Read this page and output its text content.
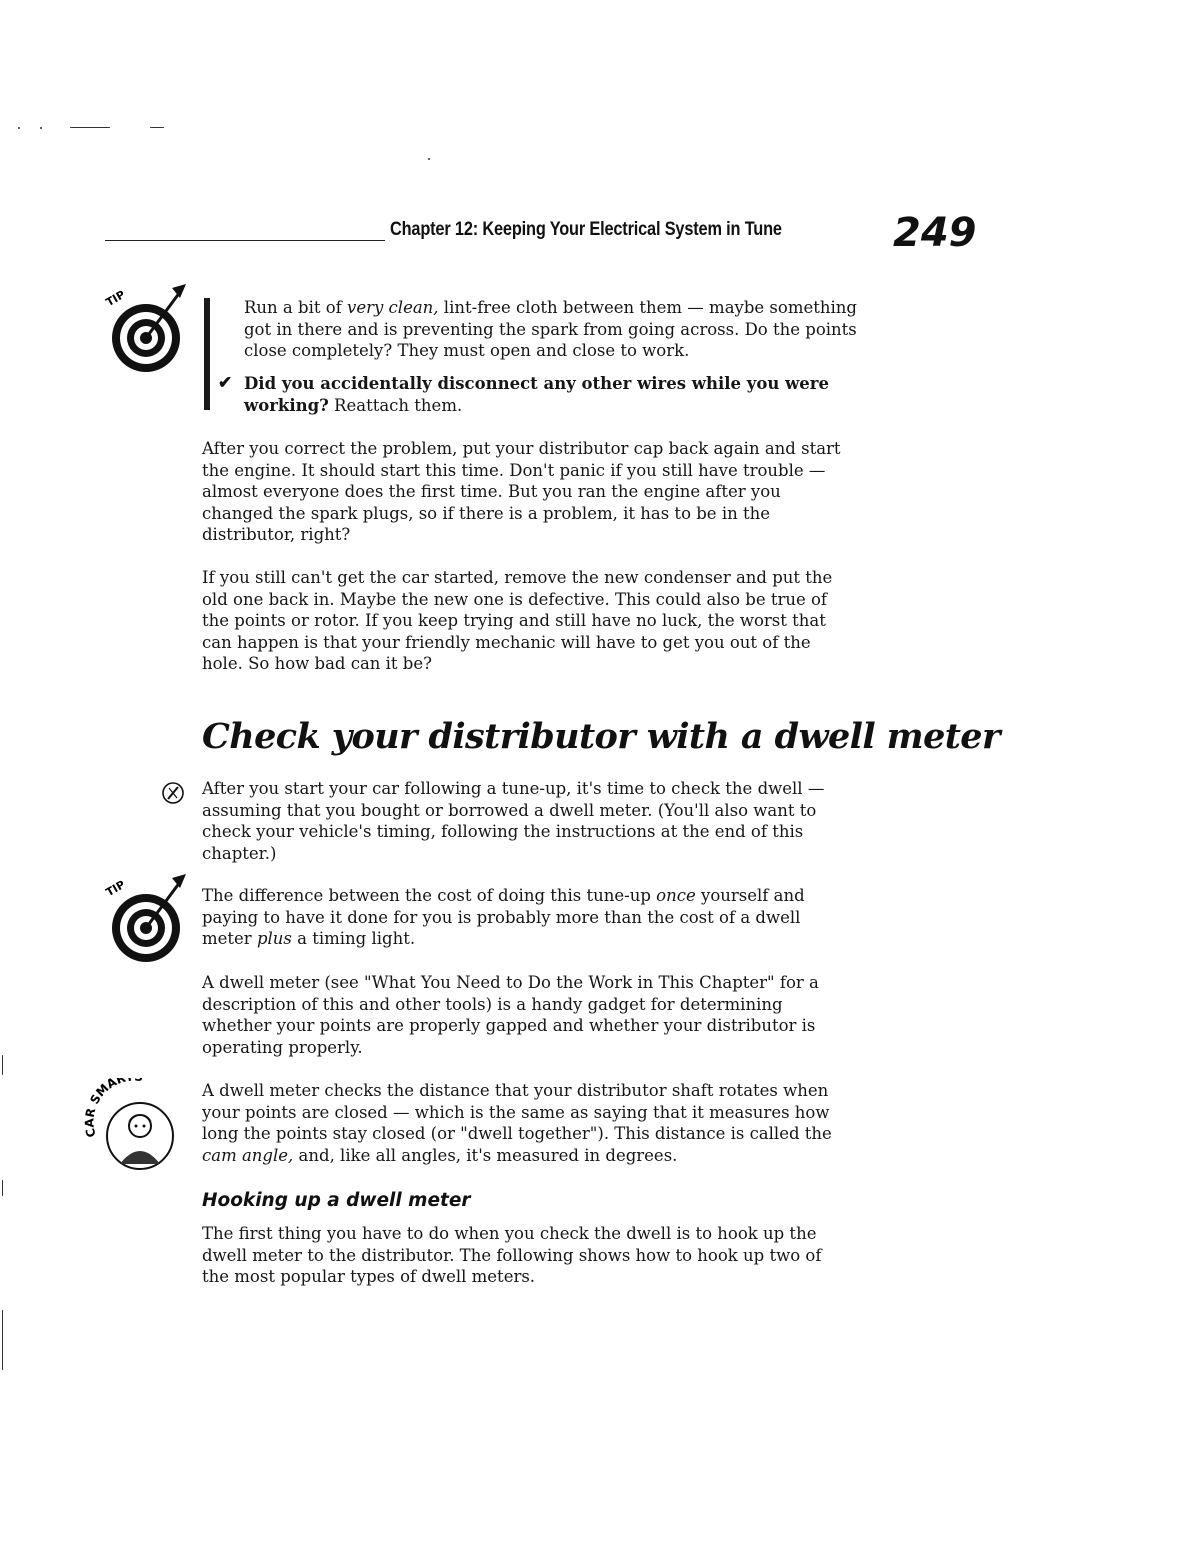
Chapter 12: Keeping Your Electrical System in Tune	249
TIP	Run a bit of very clean, lint-free cloth between them — maybe something got in there and is preventing the spark from going across. Do the points close completely? They must open and close to work.
✔ Did you accidentally disconnect any other wires while you were working? Reattach them.
After you correct the problem, put your distributor cap back again and start the engine. It should start this time. Don't panic if you still have trouble — almost everyone does the first time. But you ran the engine after you changed the spark plugs, so if there is a problem, it has to be in the distributor, right?
If you still can't get the car started, remove the new condenser and put the old one back in. Maybe the new one is defective. This could also be true of the points or rotor. If you keep trying and still have no luck, the worst that can happen is that your friendly mechanic will have to get you out of the hole. So how bad can it be?
Check your distributor with a dwell meter
After you start your car following a tune-up, it's time to check the dwell — assuming that you bought or borrowed a dwell meter. (You'll also want to check your vehicle's timing, following the instructions at the end of this chapter.)
TIP	The difference between the cost of doing this tune-up once yourself and paying to have it done for you is probably more than the cost of a dwell meter plus a timing light.
A dwell meter (see "What You Need to Do the Work in This Chapter" for a description of this and other tools) is a handy gadget for determining whether your points are properly gapped and whether your distributor is operating properly.
CAR SMAR
A dwell meter checks the distance that your distributor shaft rotates when your points are closed — which is the same as saying that it measures how long the points stay closed (or "dwell together"). This distance is called the cam angle, and, like all angles, it's measured in degrees.
Hooking up a dwell meter
The first thing you have to do when you check the dwell is to hook up the dwell meter to the distributor. The following shows how to hook up two of the most popular types of dwell meters.
